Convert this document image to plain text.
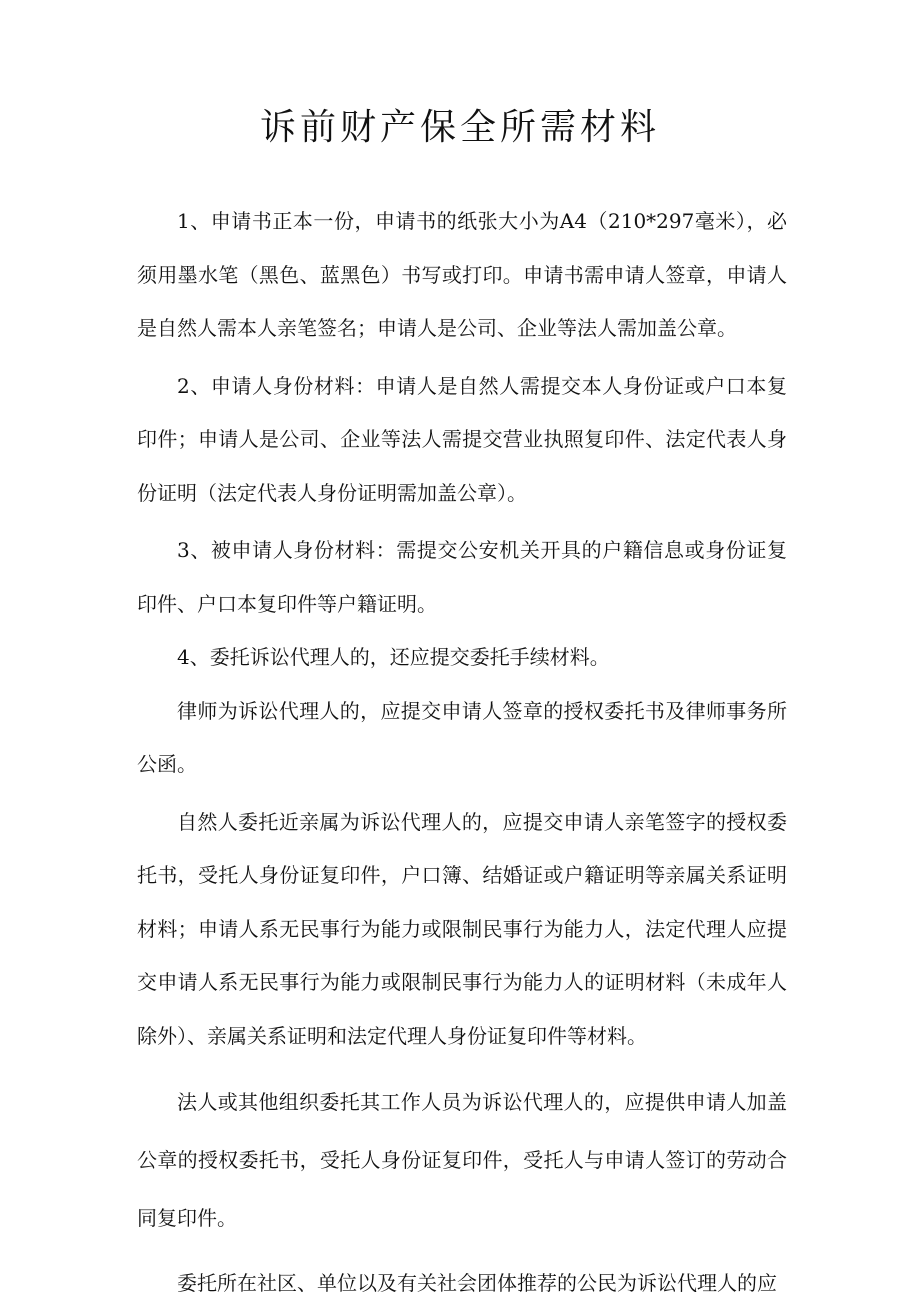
诉前财产保全所需材料

1、申请书正本一份，申请书的纸张大小为A4（210*297毫米），必须用墨水笔（黑色、蓝黑色）书写或打印。申请书需申请人签章，申请人是自然人需本人亲笔签名；申请人是公司、企业等法人需加盖公章。

2、申请人身份材料：申请人是自然人需提交本人身份证或户口本复印件；申请人是公司、企业等法人需提交营业执照复印件、法定代表人身份证明（法定代表人身份证明需加盖公章）。

3、被申请人身份材料：需提交公安机关开具的户籍信息或身份证复印件、户口本复印件等户籍证明。

4、委托诉讼代理人的，还应提交委托手续材料。

律师为诉讼代理人的，应提交申请人签章的授权委托书及律师事务所公函。

自然人委托近亲属为诉讼代理人的，应提交申请人亲笔签字的授权委托书，受托人身份证复印件，户口簿、结婚证或户籍证明等亲属关系证明材料；申请人系无民事行为能力或限制民事行为能力人，法定代理人应提交申请人系无民事行为能力或限制民事行为能力人的证明材料（未成年人除外）、亲属关系证明和法定代理人身份证复印件等材料。

法人或其他组织委托其工作人员为诉讼代理人的，应提供申请人加盖公章的授权委托书，受托人身份证复印件，受托人与申请人签订的劳动合同复印件。

委托所在社区、单位以及有关社会团体推荐的公民为诉讼代理人的应
